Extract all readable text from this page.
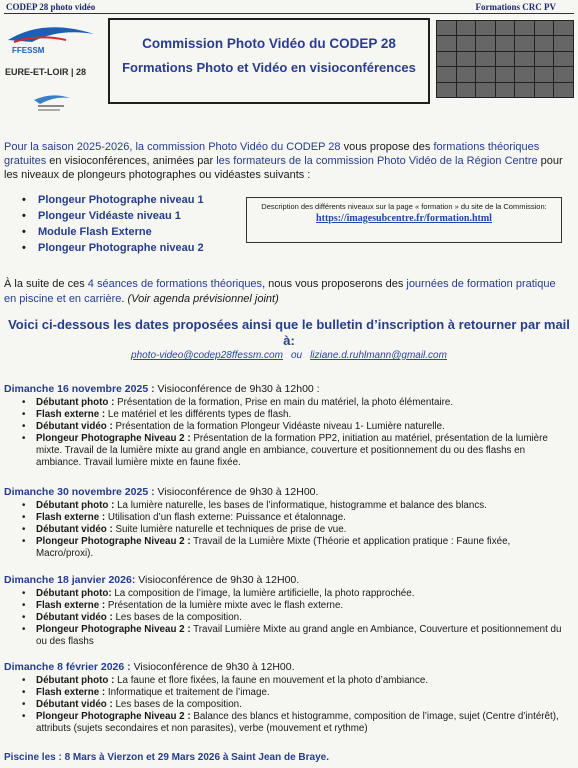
CODEP 28 photo vidéo	Formations CRC PV
FFESSM
EURE-ET-LOIR | 28
Commission Photo Vidéo du CODEP 28
Formations Photo et Vidéo en visioconférences
Pour la saison 2025-2026, la commission Photo Vidéo du CODEP 28 vous propose des formations théoriques gratuites en visioconférences, animées par les formateurs de la commission Photo Vidéo de la Région Centre pour les niveaux de plongeurs photographes ou vidéastes suivants :
• Plongeur Photographe niveau 1
• Plongeur Vidéaste niveau 1
• Module Flash Externe
• Plongeur Photographe niveau 2
Description des différents niveaux sur la page « formation » du site de la Commission:
https://imagesubcentre.fr/formation.html
À la suite de ces 4 séances de formations théoriques, nous vous proposerons des journées de formation pratique en piscine et en carrière. (Voir agenda prévisionnel joint)
Voici ci-dessous les dates proposées ainsi que le bulletin d’inscription à retourner par mail à:
photo-video@codep28ffessm.com ou liziane.d.ruhlmann@gmail.com
Dimanche 16 novembre 2025 : Visioconférence de 9h30 à 12h00 :
• Débutant photo : Présentation de la formation, Prise en main du matériel, la photo élémentaire.
• Flash externe : Le matériel et les différents types de flash.
• Débutant vidéo : Présentation de la formation Plongeur Vidéaste niveau 1- Lumière naturelle.
• Plongeur Photographe Niveau 2 : Présentation de la formation PP2, initiation au matériel, présentation de la lumière mixte. Travail de la lumière mixte au grand angle en ambiance, couverture et positionnement du ou des flashs en ambiance. Travail lumière mixte en faune fixée.
Dimanche 30 novembre 2025 : Visioconférence de 9h30 à 12H00.
• Débutant photo : La lumière naturelle, les bases de l’informatique, histogramme et balance des blancs.
• Flash externe : Utilisation d’un flash externe: Puissance et étalonnage.
• Débutant vidéo : Suite lumière naturelle et techniques de prise de vue.
• Plongeur Photographe Niveau 2 : Travail de la Lumière Mixte (Théorie et application pratique : Faune fixée, Macro/proxi).
Dimanche 18 janvier 2026: Visioconférence de 9h30 à 12H00.
• Débutant photo: La composition de l’image, la lumière artificielle, la photo rapprochée.
• Flash externe : Présentation de la lumière mixte avec le flash externe.
• Débutant vidéo : Les bases de la composition.
• Plongeur Photographe Niveau 2 : Travail Lumière Mixte au grand angle en Ambiance, Couverture et positionnement du ou des flashs
Dimanche 8 février 2026 : Visioconférence de 9h30 à 12H00.
• Débutant photo : La faune et flore fixées, la faune en mouvement et la photo d’ambiance.
• Flash externe : Informatique et traitement de l’image.
• Débutant vidéo : Les bases de la composition.
• Plongeur Photographe Niveau 2 : Balance des blancs et histogramme, composition de l’image, sujet (Centre d’intérêt), attributs (sujets secondaires et non parasites), verbe (mouvement et rythme)
Piscine les : 8 Mars à Vierzon et 29 Mars 2026 à Saint Jean de Braye.
